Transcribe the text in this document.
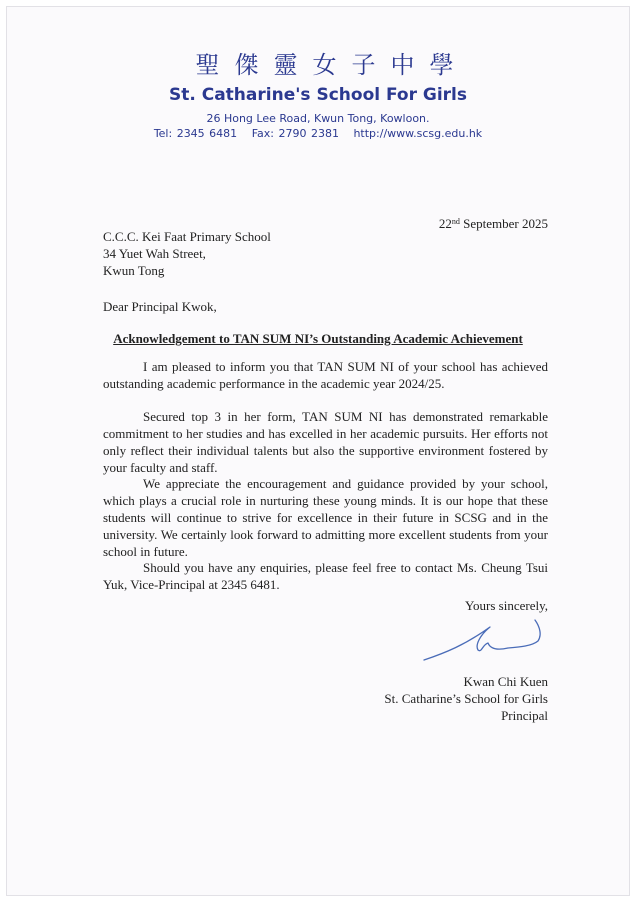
聖傑靈女子中學
St. Catharine's School For Girls
26 Hong Lee Road, Kwun Tong, Kowloon.
Tel: 2345 6481 Fax: 2790 2381 http://www.scsg.edu.hk
22nd September 2025
C.C.C. Kei Faat Primary School
34 Yuet Wah Street,
Kwun Tong
Dear Principal Kwok,
Acknowledgement to TAN SUM NI’s Outstanding Academic Achievement

I am pleased to inform you that TAN SUM NI of your school has achieved outstanding academic performance in the academic year 2024/25.

Secured top 3 in her form, TAN SUM NI has demonstrated remarkable commitment to her studies and has excelled in her academic pursuits. Her efforts not only reflect their individual talents but also the supportive environment fostered by your faculty and staff.

We appreciate the encouragement and guidance provided by your school, which plays a crucial role in nurturing these young minds. It is our hope that these students will continue to strive for excellence in their future in SCSG and in the university. We certainly look forward to admitting more excellent students from your school in future.

Should you have any enquiries, please feel free to contact Ms. Cheung Tsui Yuk, Vice-Principal at 2345 6481.

Yours sincerely,
Kwan Chi Kuen
St. Catharine’s School for Girls
Principal
